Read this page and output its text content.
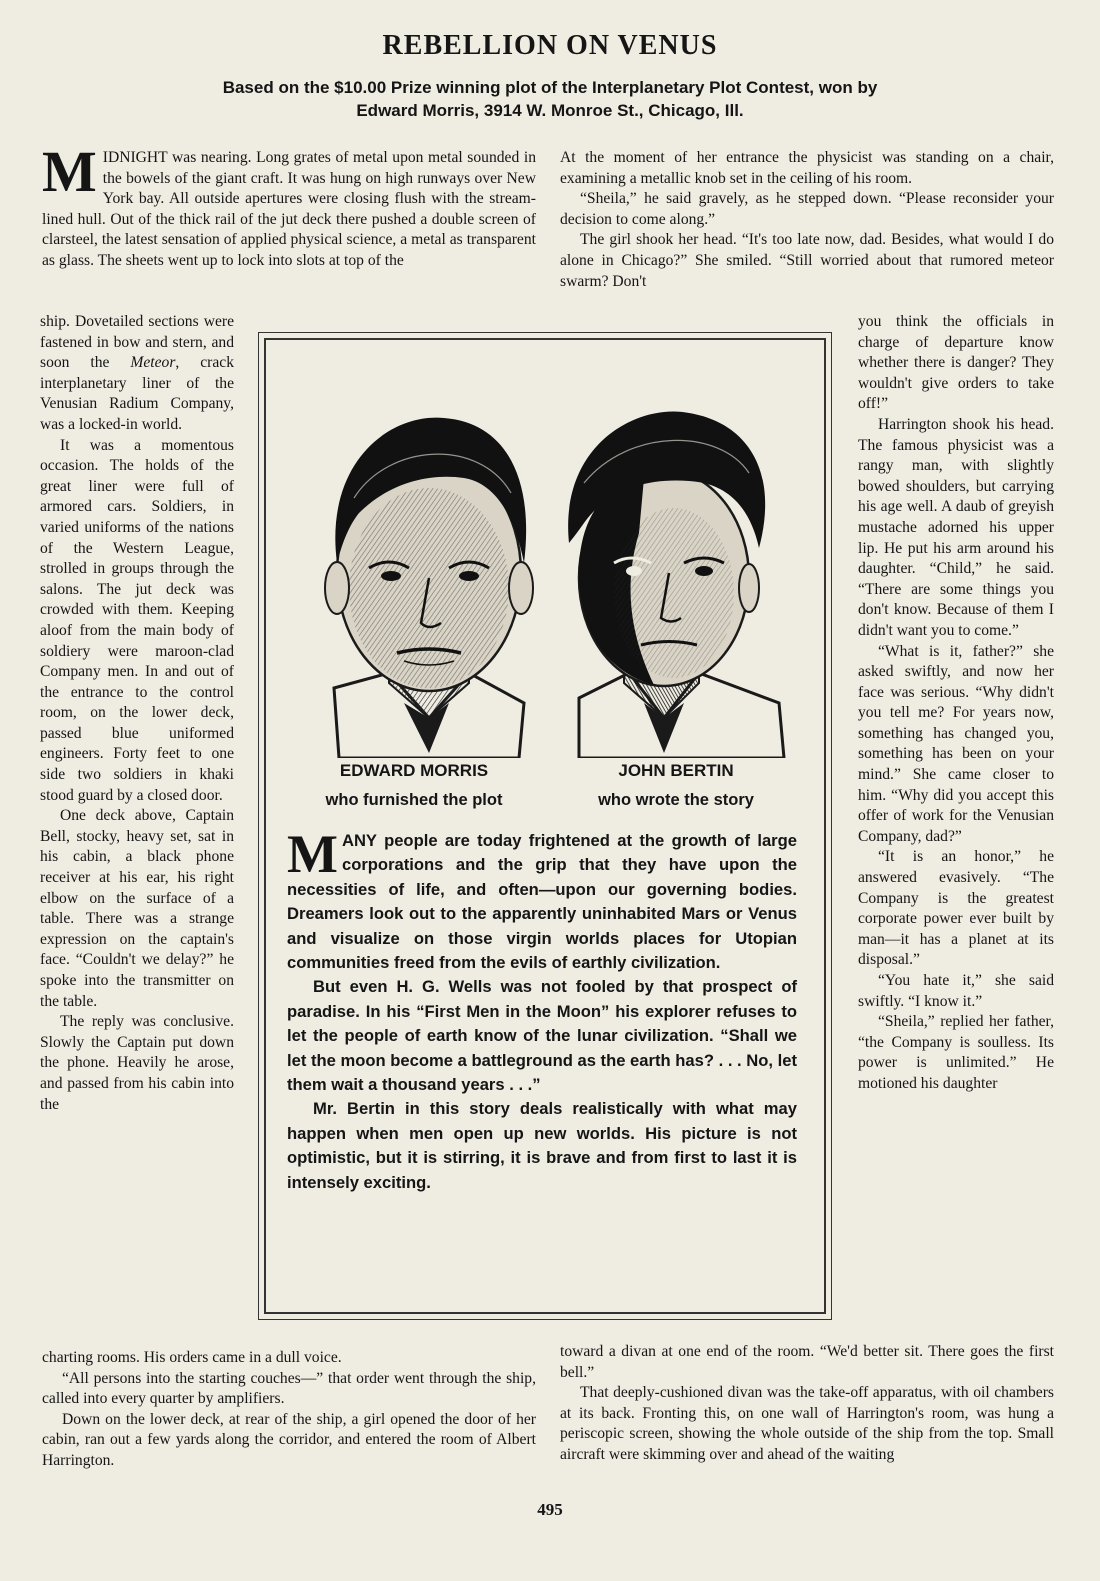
REBELLION ON VENUS
Based on the $10.00 Prize winning plot of the Interplanetary Plot Contest, won by
Edward Morris, 3914 W. Monroe St., Chicago, Ill.

MIDNIGHT was nearing. Long grates of metal upon metal sounded in the bowels of the giant craft. It was hung on high runways over New York bay. All outside apertures were closing flush with the stream-lined hull. Out of the thick rail of the jut deck there pushed a double screen of clarsteel, the latest sensation of applied physical science, a metal as transparent as glass. The sheets went up to lock into slots at top of the

ship. Dovetailed sections were fastened in bow and stern, and soon the Meteor, crack interplanetary liner of the Venusian Radium Company, was a locked-in world.

It was a momentous occasion. The holds of the great liner were full of armored cars. Soldiers, in varied uniforms of the nations of the Western League, strolled in groups through the salons. The jut deck was crowded with them. Keeping aloof from the main body of soldiery were maroon-clad Company men. In and out of the entrance to the control room, on the lower deck, passed blue uniformed engineers. Forty feet to one side two soldiers in khaki stood guard by a closed door.

One deck above, Captain Bell, stocky, heavy set, sat in his cabin, a black phone receiver at his ear, his right elbow on the surface of a table. There was a strange expression on the captain's face. “Couldn't we delay?” he spoke into the transmitter on the table.

The reply was conclusive. Slowly the Captain put down the phone. Heavily he arose, and passed from his cabin into the

charting rooms. His orders came in a dull voice.

“All persons into the starting couches—” that order went through the ship, called into every quarter by amplifiers.

Down on the lower deck, at rear of the ship, a girl opened the door of her cabin, ran out a few yards along the corridor, and entered the room of Albert Harrington.

At the moment of her entrance the physicist was standing on a chair, examining a metallic knob set in the ceiling of his room.

“Sheila,” he said gravely, as he stepped down. “Please reconsider your decision to come along.”

The girl shook her head. “It's too late now, dad. Besides, what would I do alone in Chicago?” She smiled. “Still worried about that rumored meteor swarm? Don't

you think the officials in charge of departure know whether there is danger? They wouldn't give orders to take off!”

Harrington shook his head. The famous physicist was a rangy man, with slightly bowed shoulders, but carrying his age well. A daub of greyish mustache adorned his upper lip. He put his arm around his daughter. “Child,” he said. “There are some things you don't know. Because of them I didn't want you to come.”

“What is it, father?” she asked swiftly, and now her face was serious. “Why didn't you tell me? For years now, something has changed you, something has been on your mind.” She came closer to him. “Why did you accept this offer of work for the Venusian Company, dad?”

“It is an honor,” he answered evasively. “The Company is the greatest corporate power ever built by man—it has a planet at its disposal.”

“You hate it,” she said swiftly. “I know it.”

“Sheila,” replied her father, “the Company is soulless. Its power is unlimited.” He motioned his daughter

toward a divan at one end of the room. “We'd better sit. There goes the first bell.”

That deeply-cushioned divan was the take-off apparatus, with oil chambers at its back. Fronting this, on one wall of Harrington's room, was hung a periscopic screen, showing the whole outside of the ship from the top. Small aircraft were skimming over and ahead of the waiting

EDWARD MORRIS
who furnished the plot
JOHN BERTIN
who wrote the story

MANY people are today frightened at the growth of large corporations and the grip that they have upon the necessities of life, and often—upon our governing bodies. Dreamers look out to the apparently uninhabited Mars or Venus and visualize on those virgin worlds places for Utopian communities freed from the evils of earthly civilization.

But even H. G. Wells was not fooled by that prospect of paradise. In his “First Men in the Moon” his explorer refuses to let the people of earth know of the lunar civilization. “Shall we let the moon become a battleground as the earth has? . . . No, let them wait a thousand years . . .”

Mr. Bertin in this story deals realistically with what may happen when men open up new worlds. His picture is not optimistic, but it is stirring, it is brave and from first to last it is intensely exciting.

495
